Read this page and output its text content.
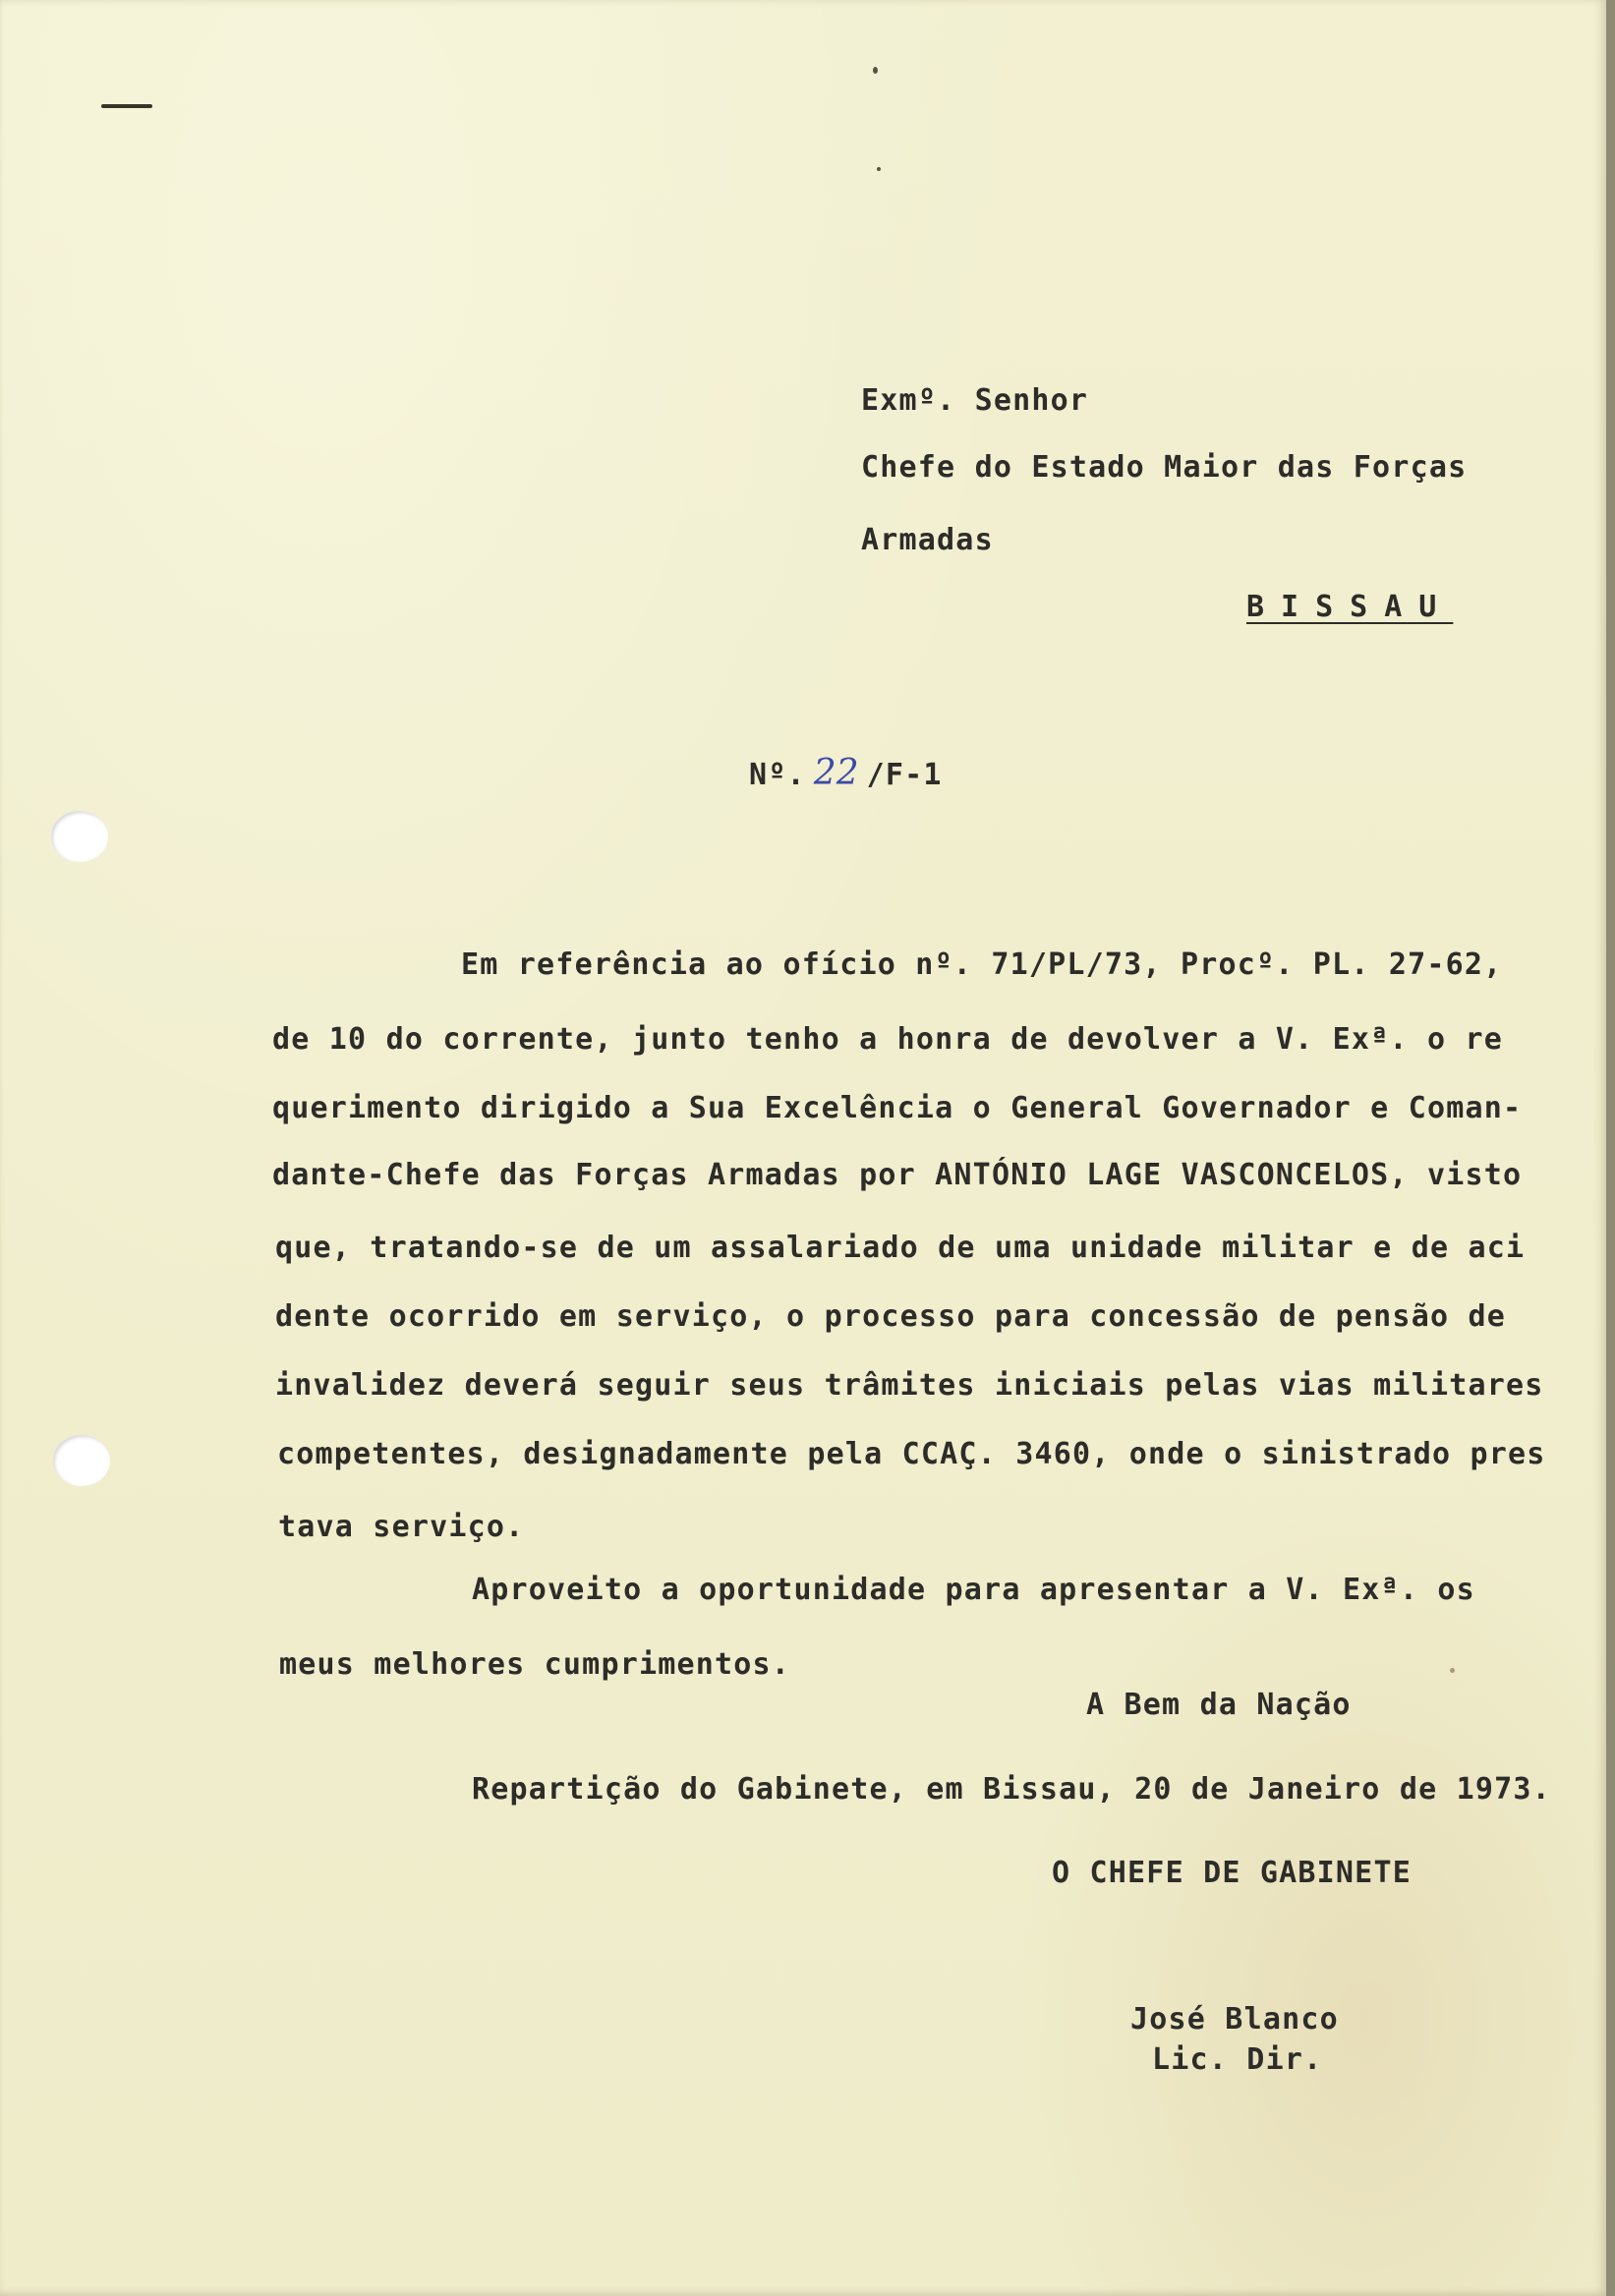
Exmº. Senhor
Chefe do Estado Maior das Forças
Armadas
BISSAU
Nº. 22 /F-1
Em referência ao ofício nº. 71/PL/73, Procº. PL. 27-62,
de 10 do corrente, junto tenho a honra de devolver a V. Exª. o re
querimento dirigido a Sua Excelência o General Governador e Coman-
dante-Chefe das Forças Armadas por ANTÓNIO LAGE VASCONCELOS, visto
que, tratando-se de um assalariado de uma unidade militar e de aci
dente ocorrido em serviço, o processo para concessão de pensão de
invalidez deverá seguir seus trâmites iniciais pelas vias militares
competentes, designadamente pela CCAÇ. 3460, onde o sinistrado pres
tava serviço.
Aproveito a oportunidade para apresentar a V. Exª. os
meus melhores cumprimentos.
A Bem da Nação
Repartição do Gabinete, em Bissau, 20 de Janeiro de 1973.
O CHEFE DE GABINETE
José Blanco
Lic. Dir.
